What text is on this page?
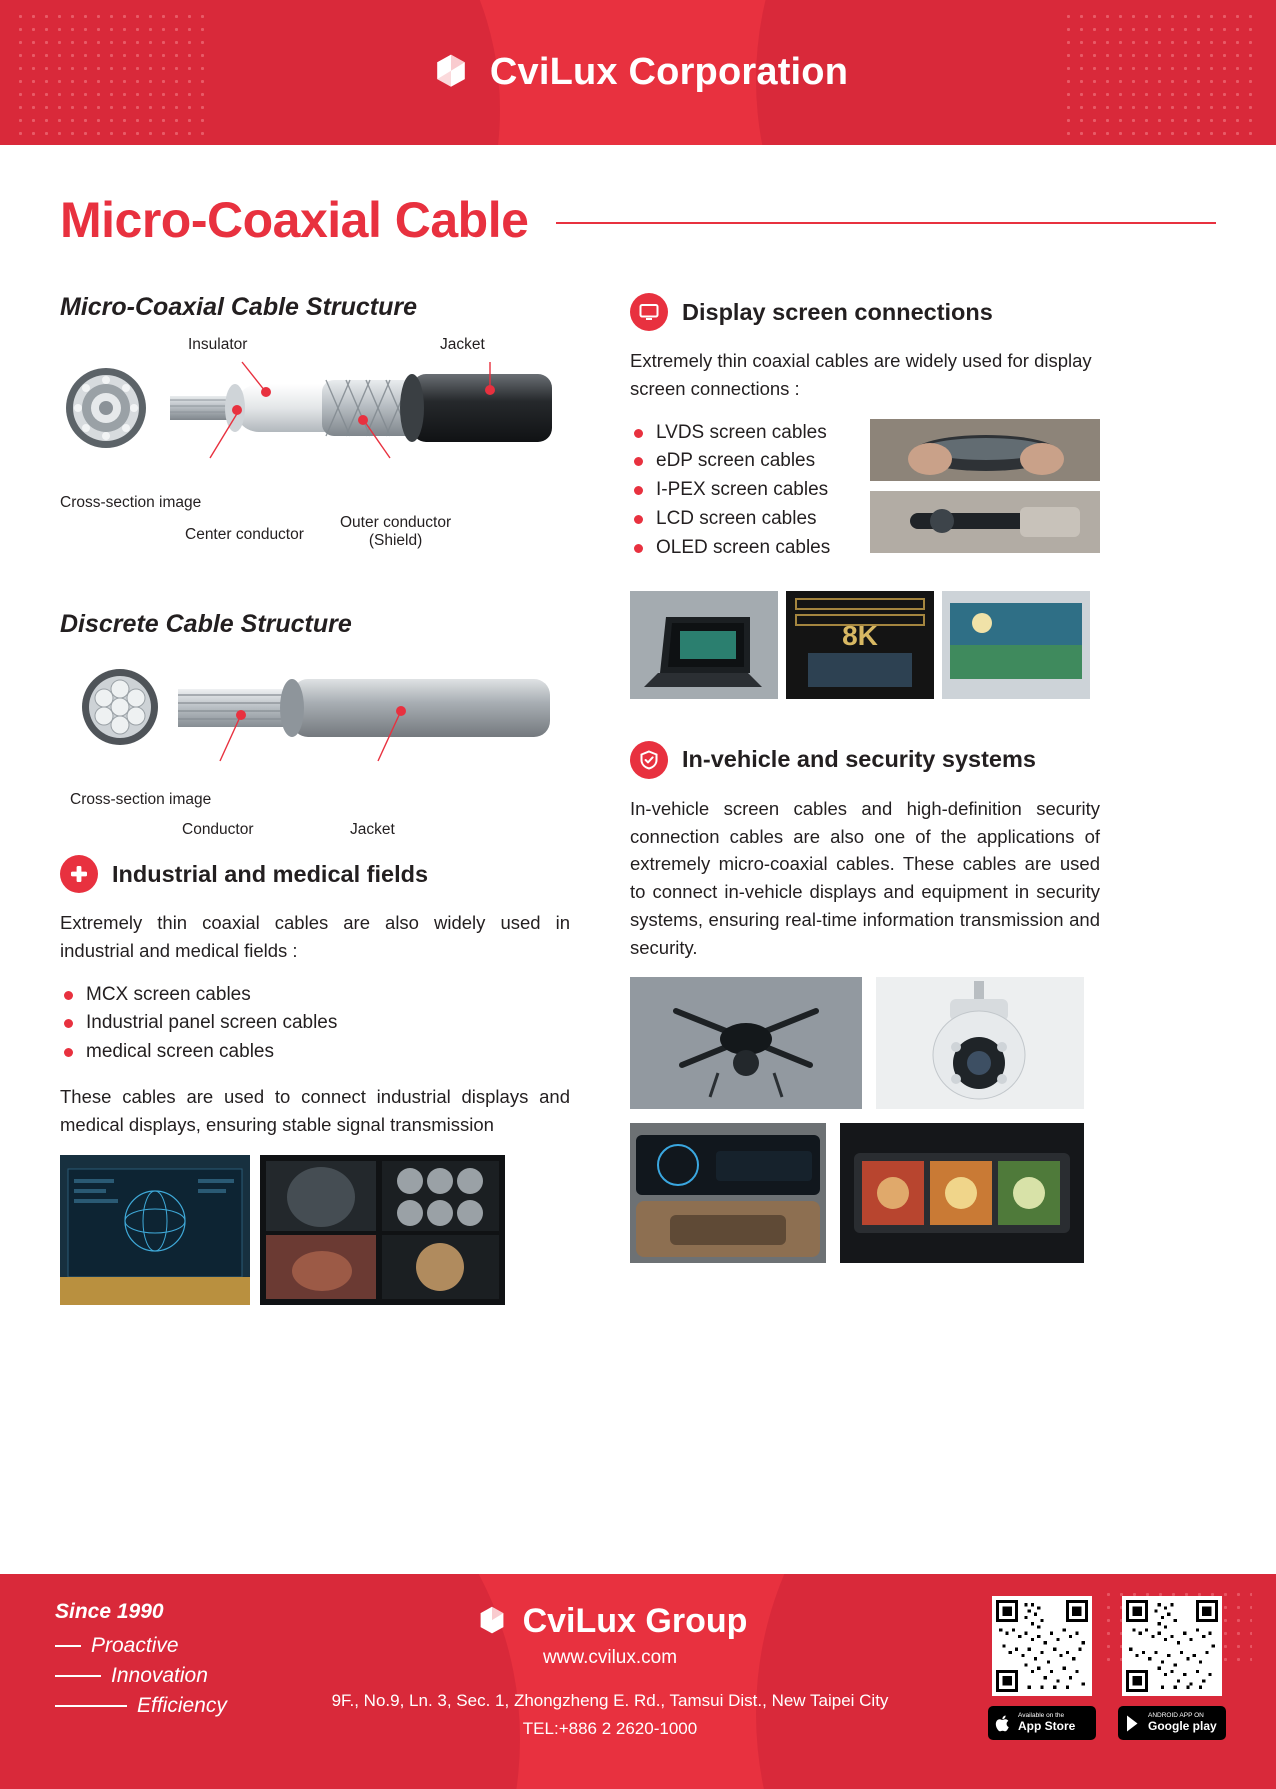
CviLux Corporation
Micro-Coaxial Cable
Micro-Coaxial Cable Structure
Insulator	Jacket
Cross-section image
Center conductor
Outer conductor
(Shield)
Discrete Cable Structure
Cross-section image
Conductor	Jacket
Industrial and medical fields

Extremely thin coaxial cables are also widely used in industrial and medical fields :

MCX screen cables
Industrial panel screen cables
medical screen cables

These cables are used to connect industrial displays and medical displays, ensuring stable signal transmission

Display screen connections

Extremely thin coaxial cables are widely used for display screen connections :

LVDS screen cables
eDP screen cables
I-PEX screen cables
LCD screen cables
OLED screen cables
8K
In-vehicle and security systems

In-vehicle screen cables and high-definition security connection cables are also one of the applications of extremely micro-coaxial cables. These cables are used to connect in-vehicle displays and equipment in security systems, ensuring real-time information transmission and security.

Since 1990
Proactive
Innovation
Efficiency
CviLux Group
www.cvilux.com
9F., No.9, Ln. 3, Sec. 1, Zhongzheng E. Rd., Tamsui Dist., New Taipei City
TEL:+886 2 2620-1000
Available on the
App Store
ANDROID APP ON
Google play
